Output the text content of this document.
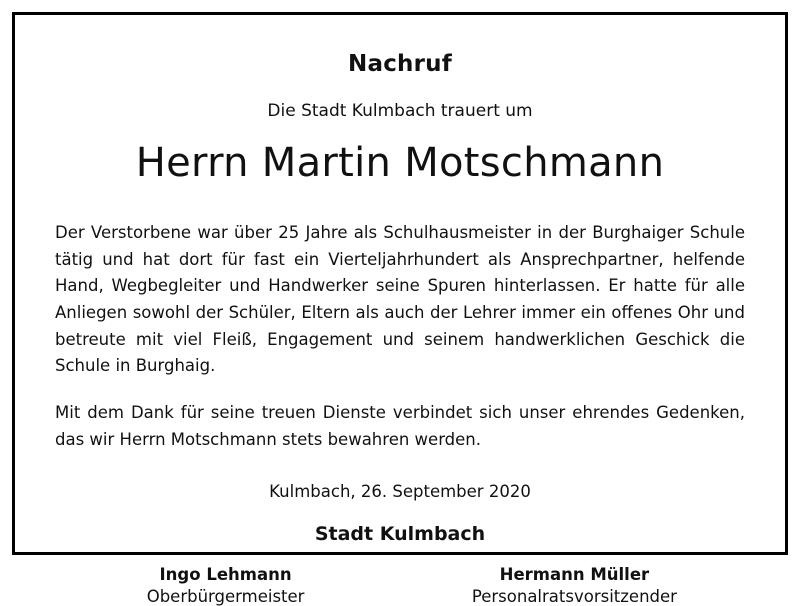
Nachruf
Die Stadt Kulmbach trauert um
Herrn Martin Motschmann

Der Verstorbene war über 25 Jahre als Schulhausmeister in der Burghaiger Schule tätig und hat dort für fast ein Vierteljahrhundert als Ansprechpartner, helfende Hand, Wegbegleiter und Handwerker seine Spuren hinterlassen. Er hatte für alle Anliegen sowohl der Schüler, Eltern als auch der Lehrer immer ein offenes Ohr und betreute mit viel Fleiß, Engagement und seinem handwerklichen Geschick die Schule in Burghaig.

Mit dem Dank für seine treuen Dienste verbindet sich unser ehrendes Gedenken, das wir Herrn Motschmann stets bewahren werden.

Kulmbach, 26. September 2020
Stadt Kulmbach
Ingo Lehmann
Oberbürgermeister
Hermann Müller
Personalratsvorsitzender
